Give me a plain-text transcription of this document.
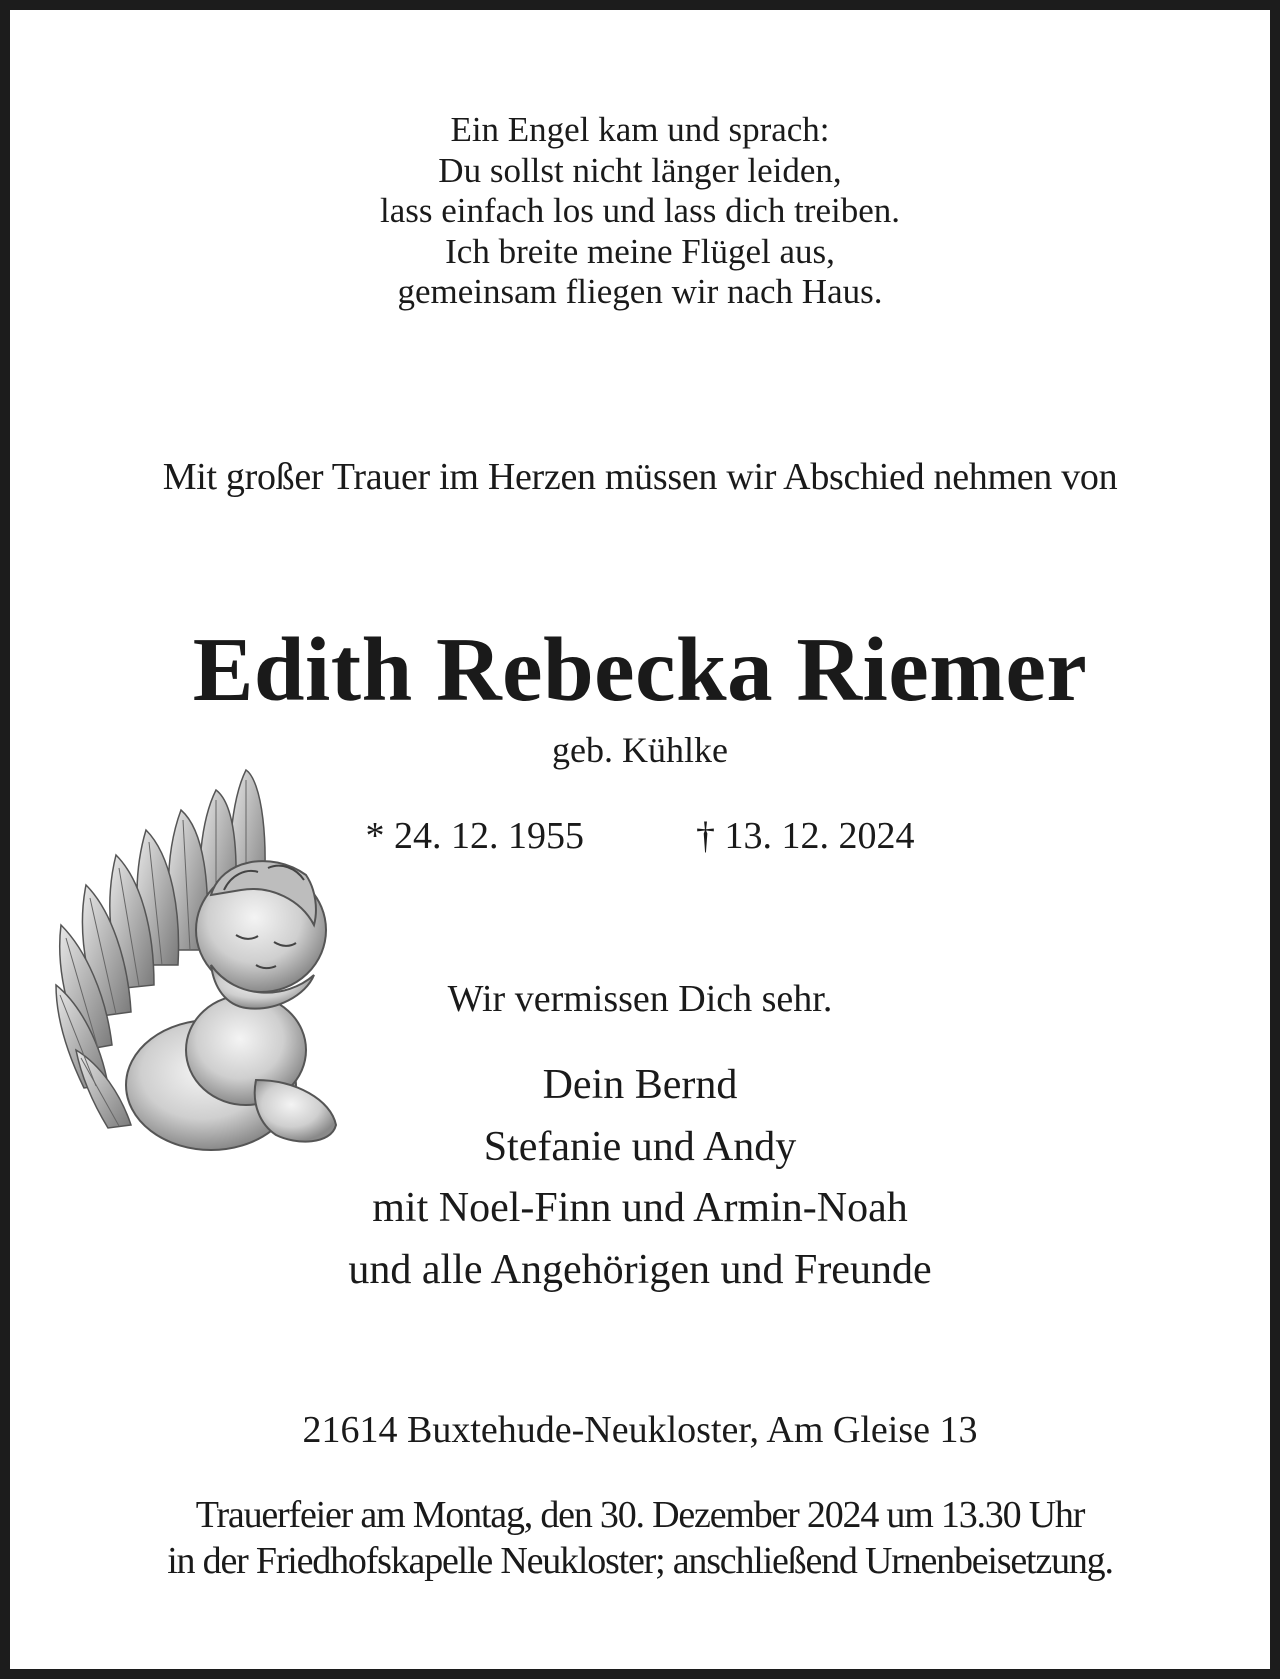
Ein Engel kam und sprach:
Du sollst nicht länger leiden,
lass einfach los und lass dich treiben.
Ich breite meine Flügel aus,
gemeinsam fliegen wir nach Haus.
Mit großer Trauer im Herzen müssen wir Abschied nehmen von
Edith Rebecka Riemer
geb. Kühlke
* 24. 12. 1955	† 13. 12. 2024
Wir vermissen Dich sehr.
Dein Bernd
Stefanie und Andy
mit Noel-Finn und Armin-Noah
und alle Angehörigen und Freunde
21614 Buxtehude-Neukloster, Am Gleise 13
Trauerfeier am Montag, den 30. Dezember 2024 um 13.30 Uhr
in der Friedhofskapelle Neukloster; anschließend Urnenbeisetzung.
